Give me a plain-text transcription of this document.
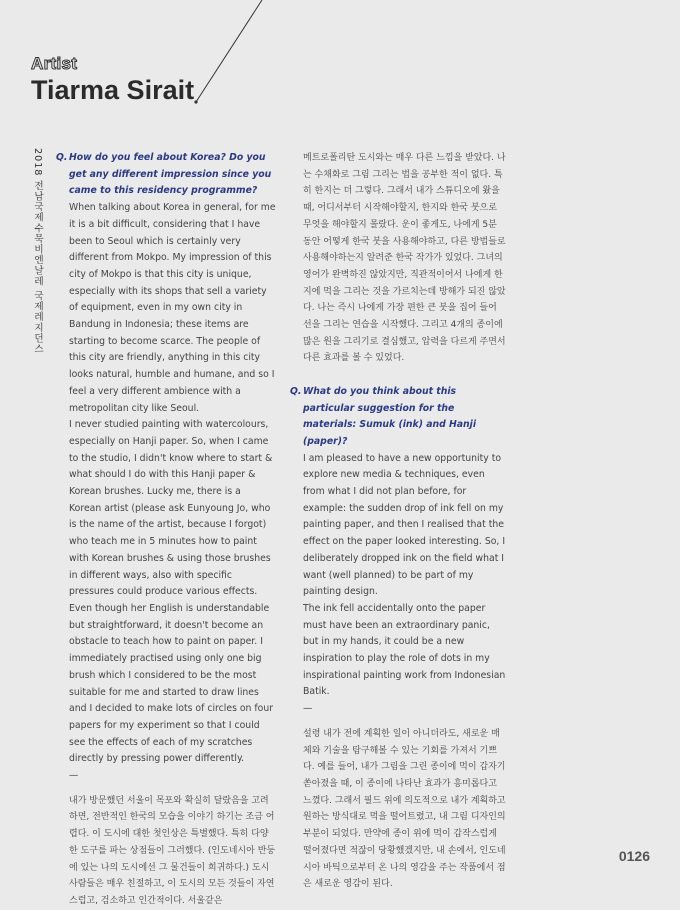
Artist
Tiarma Sirait
2018 전남국제수묵비엔날레 국제레지던스 Q. How do you feel about Korea? Do you get any different impression since you came to this residency programme?

When talking about Korea in general, for me it is a bit difficult, considering that I have been to Seoul which is certainly very different from Mokpo. My impression of this city of Mokpo is that this city is unique, especially with its shops that sell a variety of equipment, even in my own city in Bandung in Indonesia; these items are starting to become scarce. The people of this city are friendly, anything in this city looks natural, humble and humane, and so I feel a very different ambience with a metropolitan city like Seoul.

I never studied painting with watercolours, especially on Hanji paper. So, when I came to the studio, I didn't know where to start & what should I do with this Hanji paper & Korean brushes. Lucky me, there is a Korean artist (please ask Eunyoung Jo, who is the name of the artist, because I forgot) who teach me in 5 minutes how to paint with Korean brushes & using those brushes in different ways, also with specific pressures could produce various effects. Even though her English is understandable but straightforward, it doesn't become an obstacle to teach how to paint on paper. I immediately practised using only one big brush which I considered to be the most suitable for me and started to draw lines and I decided to make lots of circles on four papers for my experiment so that I could see the effects of each of my scratches directly by pressing power differently.

—

내가 방문했던 서울이 목포와 확실히 달랐음을 고려하면, 전반적인 한국의 모습을 이야기 하기는 조금 어렵다. 이 도시에 대한 첫인상은 특별했다. 특히 다양한 도구를 파는 상점들이 그러했다. (인도네시아 반둥에 있는 나의 도시에선 그 물건들이 희귀하다.) 도시 사람들은 매우 친절하고, 이 도시의 모든 것들이 자연스럽고, 검소하고 인간적이다. 서울같은

메트로폴리탄 도시와는 매우 다른 느낌을 받았다. 나는 수채화로 그림 그리는 법을 공부한 적이 없다. 특히 한지는 더 그렇다. 그래서 내가 스튜디오에 왔을 때, 어디서부터 시작해야할지, 한지와 한국 붓으로 무엇을 해야할지 몰랐다. 운이 좋게도, 나에게 5분 동안 어떻게 한국 붓을 사용해야하고, 다른 방법들로 사용해야하는지 알려준 한국 작가가 있었다. 그녀의 영어가 완벽하진 않았지만, 직관적이어서 나에게 한지에 먹을 그리는 것을 가르치는데 방해가 되진 않았다. 나는 즉시 나에게 가장 편한 큰 붓을 집어 들어 선을 그리는 연습을 시작했다. 그리고 4개의 종이에 많은 원을 그리기로 결심했고, 압력을 다르게 주면서 다른 효과를 볼 수 있었다.

Q. What do you think about this particular suggestion for the materials: Sumuk (ink) and Hanji (paper)?

I am pleased to have a new opportunity to explore new media & techniques, even from what I did not plan before, for example: the sudden drop of ink fell on my painting paper, and then I realised that the effect on the paper looked interesting. So, I deliberately dropped ink on the field what I want (well planned) to be part of my painting design.

The ink fell accidentally onto the paper must have been an extraordinary panic, but in my hands, it could be a new inspiration to play the role of dots in my inspirational painting work from Indonesian Batik.

—

설령 내가 전에 계획한 일이 아니더라도, 새로운 매체와 기술을 탐구해볼 수 있는 기회를 가져서 기쁘다. 예를 들어, 내가 그림을 그린 종이에 먹이 갑자기 쏟아졌을 때, 이 종이에 나타난 효과가 흥미롭다고 느꼈다. 그래서 필드 위에 의도적으로 내가 계획하고 원하는 방식대로 먹을 떨어트렸고, 내 그림 디자인의 부분이 되었다. 만약에 종이 위에 먹이 갑작스럽게 떨어졌다면 적잖이 당황했겠지만, 내 손에서, 인도네시아 바틱으로부터 온 나의 영감을 주는 작품에서 점은 새로운 영감이 된다.

0126
